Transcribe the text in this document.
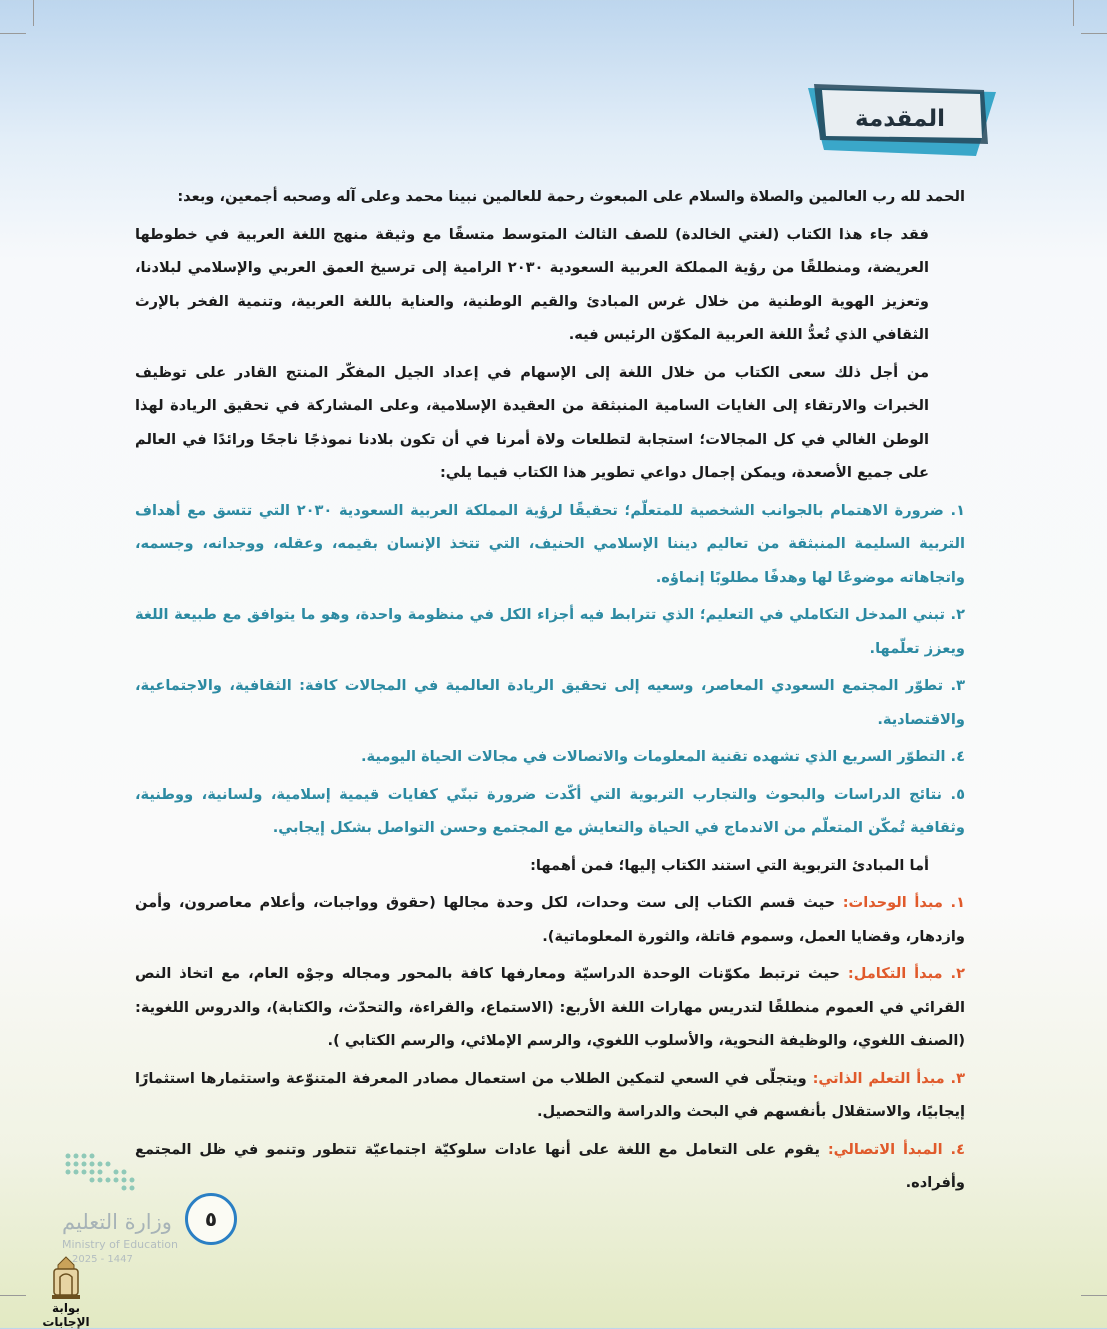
المقدمة

الحمد لله رب العالمين والصلاة والسلام على المبعوث رحمة للعالمين نبينا محمد وعلى آله وصحبه أجمعين، وبعد:

فقد جاء هذا الكتاب (لغتي الخالدة) للصف الثالث المتوسط متسقًا مع وثيقة منهج اللغة العربية في خطوطها العريضة، ومنطلقًا من رؤية المملكة العربية السعودية ٢٠٣٠ الرامية إلى ترسيخ العمق العربي والإسلامي لبلادنا، وتعزيز الهوية الوطنية من خلال غرس المبادئ والقيم الوطنية، والعناية باللغة العربية، وتنمية الفخر بالإرث الثقافي الذي تُعدُّ اللغة العربية المكوّن الرئيس فيه.

من أجل ذلك سعى الكتاب من خلال اللغة إلى الإسهام في إعداد الجيل المفكّر المنتج القادر على توظيف الخبرات والارتقاء إلى الغايات السامية المنبثقة من العقيدة الإسلامية، وعلى المشاركة في تحقيق الريادة لهذا الوطن الغالي في كل المجالات؛ استجابة لتطلعات ولاة أمرنا في أن تكون بلادنا نموذجًا ناجحًا ورائدًا في العالم على جميع الأصعدة، ويمكن إجمال دواعي تطوير هذا الكتاب فيما يلي:

١. ضرورة الاهتمام بالجوانب الشخصية للمتعلّم؛ تحقيقًا لرؤية المملكة العربية السعودية ٢٠٣٠ التي تتسق مع أهداف التربية السليمة المنبثقة من تعاليم ديننا الإسلامي الحنيف، التي تتخذ الإنسان بقيمه، وعقله، ووجدانه، وجسمه، واتجاهاته موضوعًا لها وهدفًا مطلوبًا إنماؤه.

٢. تبني المدخل التكاملي في التعليم؛ الذي تترابط فيه أجزاء الكل في منظومة واحدة، وهو ما يتوافق مع طبيعة اللغة ويعزز تعلّمها.

٣. تطوّر المجتمع السعودي المعاصر، وسعيه إلى تحقيق الريادة العالمية في المجالات كافة: الثقافية، والاجتماعية، والاقتصادية.

٤. التطوّر السريع الذي تشهده تقنية المعلومات والاتصالات في مجالات الحياة اليومية.

٥. نتائج الدراسات والبحوث والتجارب التربوية التي أكّدت ضرورة تبنّي كفايات قيمية إسلامية، ولسانية، ووطنية، وثقافية تُمكّن المتعلّم من الاندماج في الحياة والتعايش مع المجتمع وحسن التواصل بشكل إيجابي.

أما المبادئ التربوية التي استند الكتاب إليها؛ فمن أهمها:

١. مبدأ الوحدات: حيث قسم الكتاب إلى ست وحدات، لكل وحدة مجالها (حقوق وواجبات، وأعلام معاصرون، وأمن وازدهار، وقضايا العمل، وسموم قاتلة، والثورة المعلوماتية).

٢. مبدأ التكامل: حيث ترتبط مكوّنات الوحدة الدراسيّة ومعارفها كافة بالمحور ومجاله وجوْه العام، مع اتخاذ النص القرائي في العموم منطلقًا لتدريس مهارات اللغة الأربع: (الاستماع، والقراءة، والتحدّث، والكتابة)، والدروس اللغوية: (الصنف اللغوي، والوظيفة النحوية، والأسلوب اللغوي، والرسم الإملائي، والرسم الكتابي ).

٣. مبدأ التعلم الذاتي: ويتجلّى في السعي لتمكين الطلاب من استعمال مصادر المعرفة المتنوّعة واستثمارها استثمارًا إيجابيًا، والاستقلال بأنفسهم في البحث والدراسة والتحصيل.

٤. المبدأ الاتصالي: يقوم على التعامل مع اللغة على أنها عادات سلوكيّة اجتماعيّة تتطور وتنمو في ظل المجتمع وأفراده.

وزارة التعليم
Ministry of Education
2025 - 1447
٥
بوابة الإجابات
